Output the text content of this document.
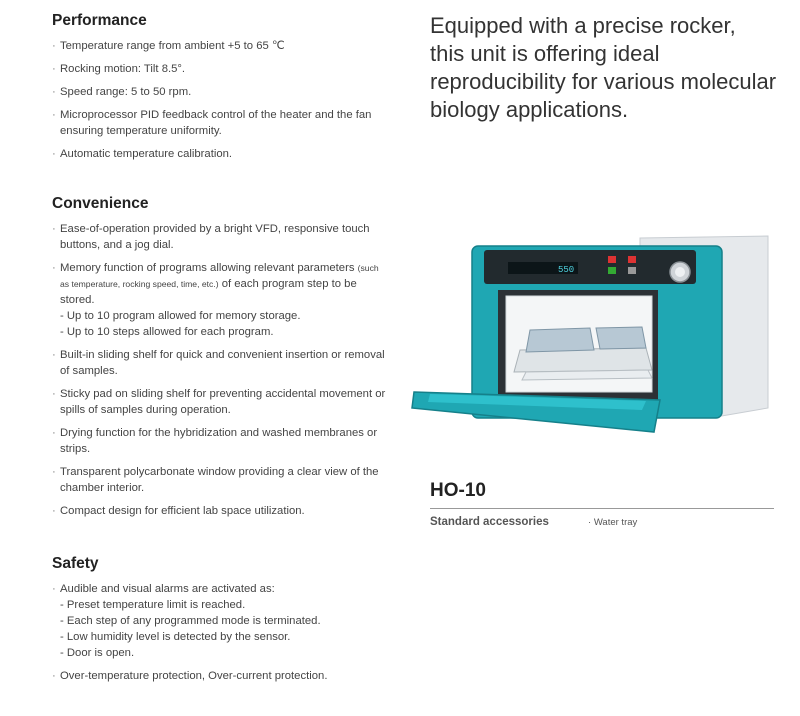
Performance
· Temperature range from ambient +5 to 65 ℃
· Rocking motion: Tilt 8.5°.
· Speed range: 5 to 50 rpm.
· Microprocessor PID feedback control of the heater and the fan ensuring temperature uniformity.
· Automatic temperature calibration.
Convenience
· Ease-of-operation provided by a bright VFD, responsive touch buttons, and a jog dial.
· Memory function of programs allowing relevant parameters (such as temperature, rocking speed, time, etc.) of each program step to be stored.
- Up to 10 program allowed for memory storage.
- Up to 10 steps allowed for each program.
· Built-in sliding shelf for quick and convenient insertion or removal of samples.
· Sticky pad on sliding shelf for preventing accidental movement or spills of samples during operation.
· Drying function for the hybridization and washed membranes or strips.
· Transparent polycarbonate window providing a clear view of the chamber interior.
· Compact design for efficient lab space utilization.
Safety
· Audible and visual alarms are activated as:
- Preset temperature limit is reached.
- Each step of any programmed mode is terminated.
- Low humidity level is detected by the sensor.
- Door is open.
· Over-temperature protection, Over-current protection.
Equipped with a precise rocker,
this unit is offering ideal
reproducibility for various molecular
biology applications.
550
HO-10
Standard accessories	· Water tray
